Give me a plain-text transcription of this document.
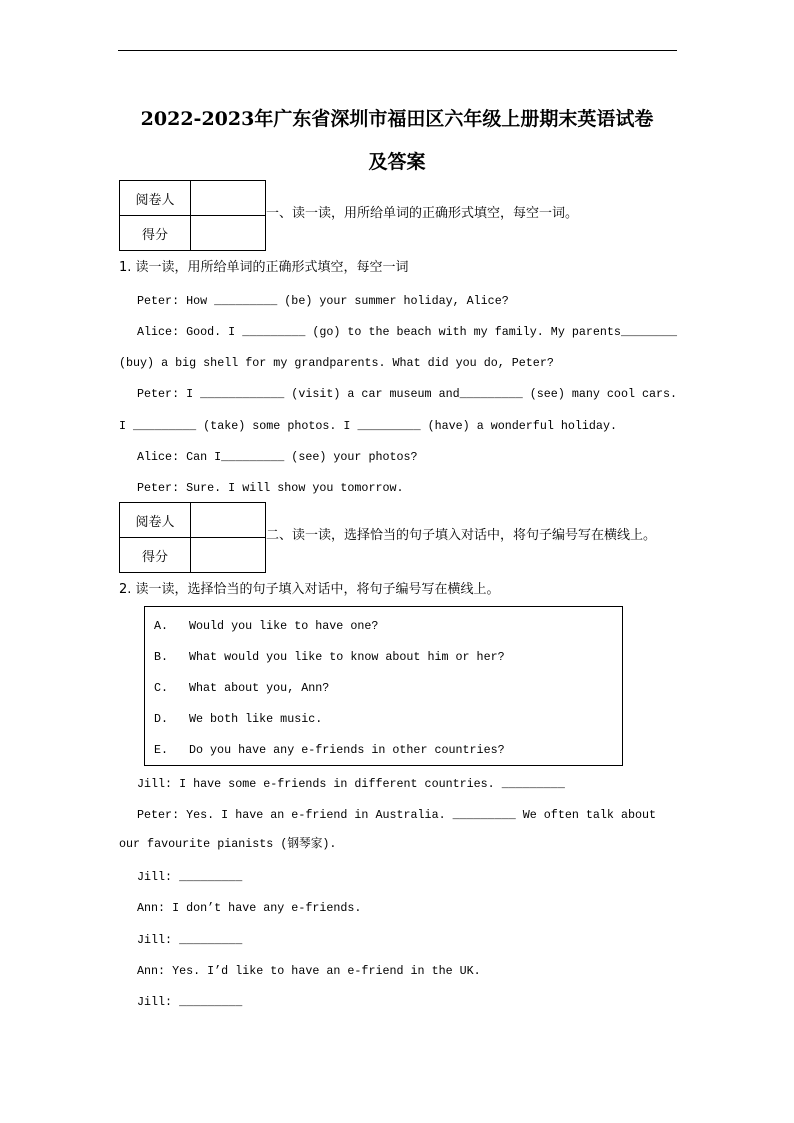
2022-2023年广东省深圳市福田区六年级上册期末英语试卷
及答案
阅卷人	
得分	
一、读一读，用所给单词的正确形式填空，每空一词。
1. 读一读，用所给单词的正确形式填空，每空一词
Peter: How _________ (be) your summer holiday, Alice?
Alice: Good. I _________ (go) to the beach with my family. My parents________
(buy) a big shell for my grandparents. What did you do, Peter?
Peter: I ____________ (visit) a car museum and_________ (see) many cool cars.
I _________ (take) some photos. I _________ (have) a wonderful holiday.
Alice: Can I_________ (see) your photos?
Peter: Sure. I will show you tomorrow.
阅卷人	
得分	
二、读一读，选择恰当的句子填入对话中，将句子编号写在横线上。
2. 读一读，选择恰当的句子填入对话中，将句子编号写在横线上。
A. Would you like to have one?
B. What would you like to know about him or her?
C. What about you, Ann?
D. We both like music.
E. Do you have any e-friends in other countries?
Jill: I have some e-friends in different countries. _________
Peter: Yes. I have an e-friend in Australia. _________ We often talk about
our favourite pianists (钢琴家).
Jill: _________
Ann: I don’t have any e-friends.
Jill: _________
Ann: Yes. I’d like to have an e-friend in the UK.
Jill: _________
